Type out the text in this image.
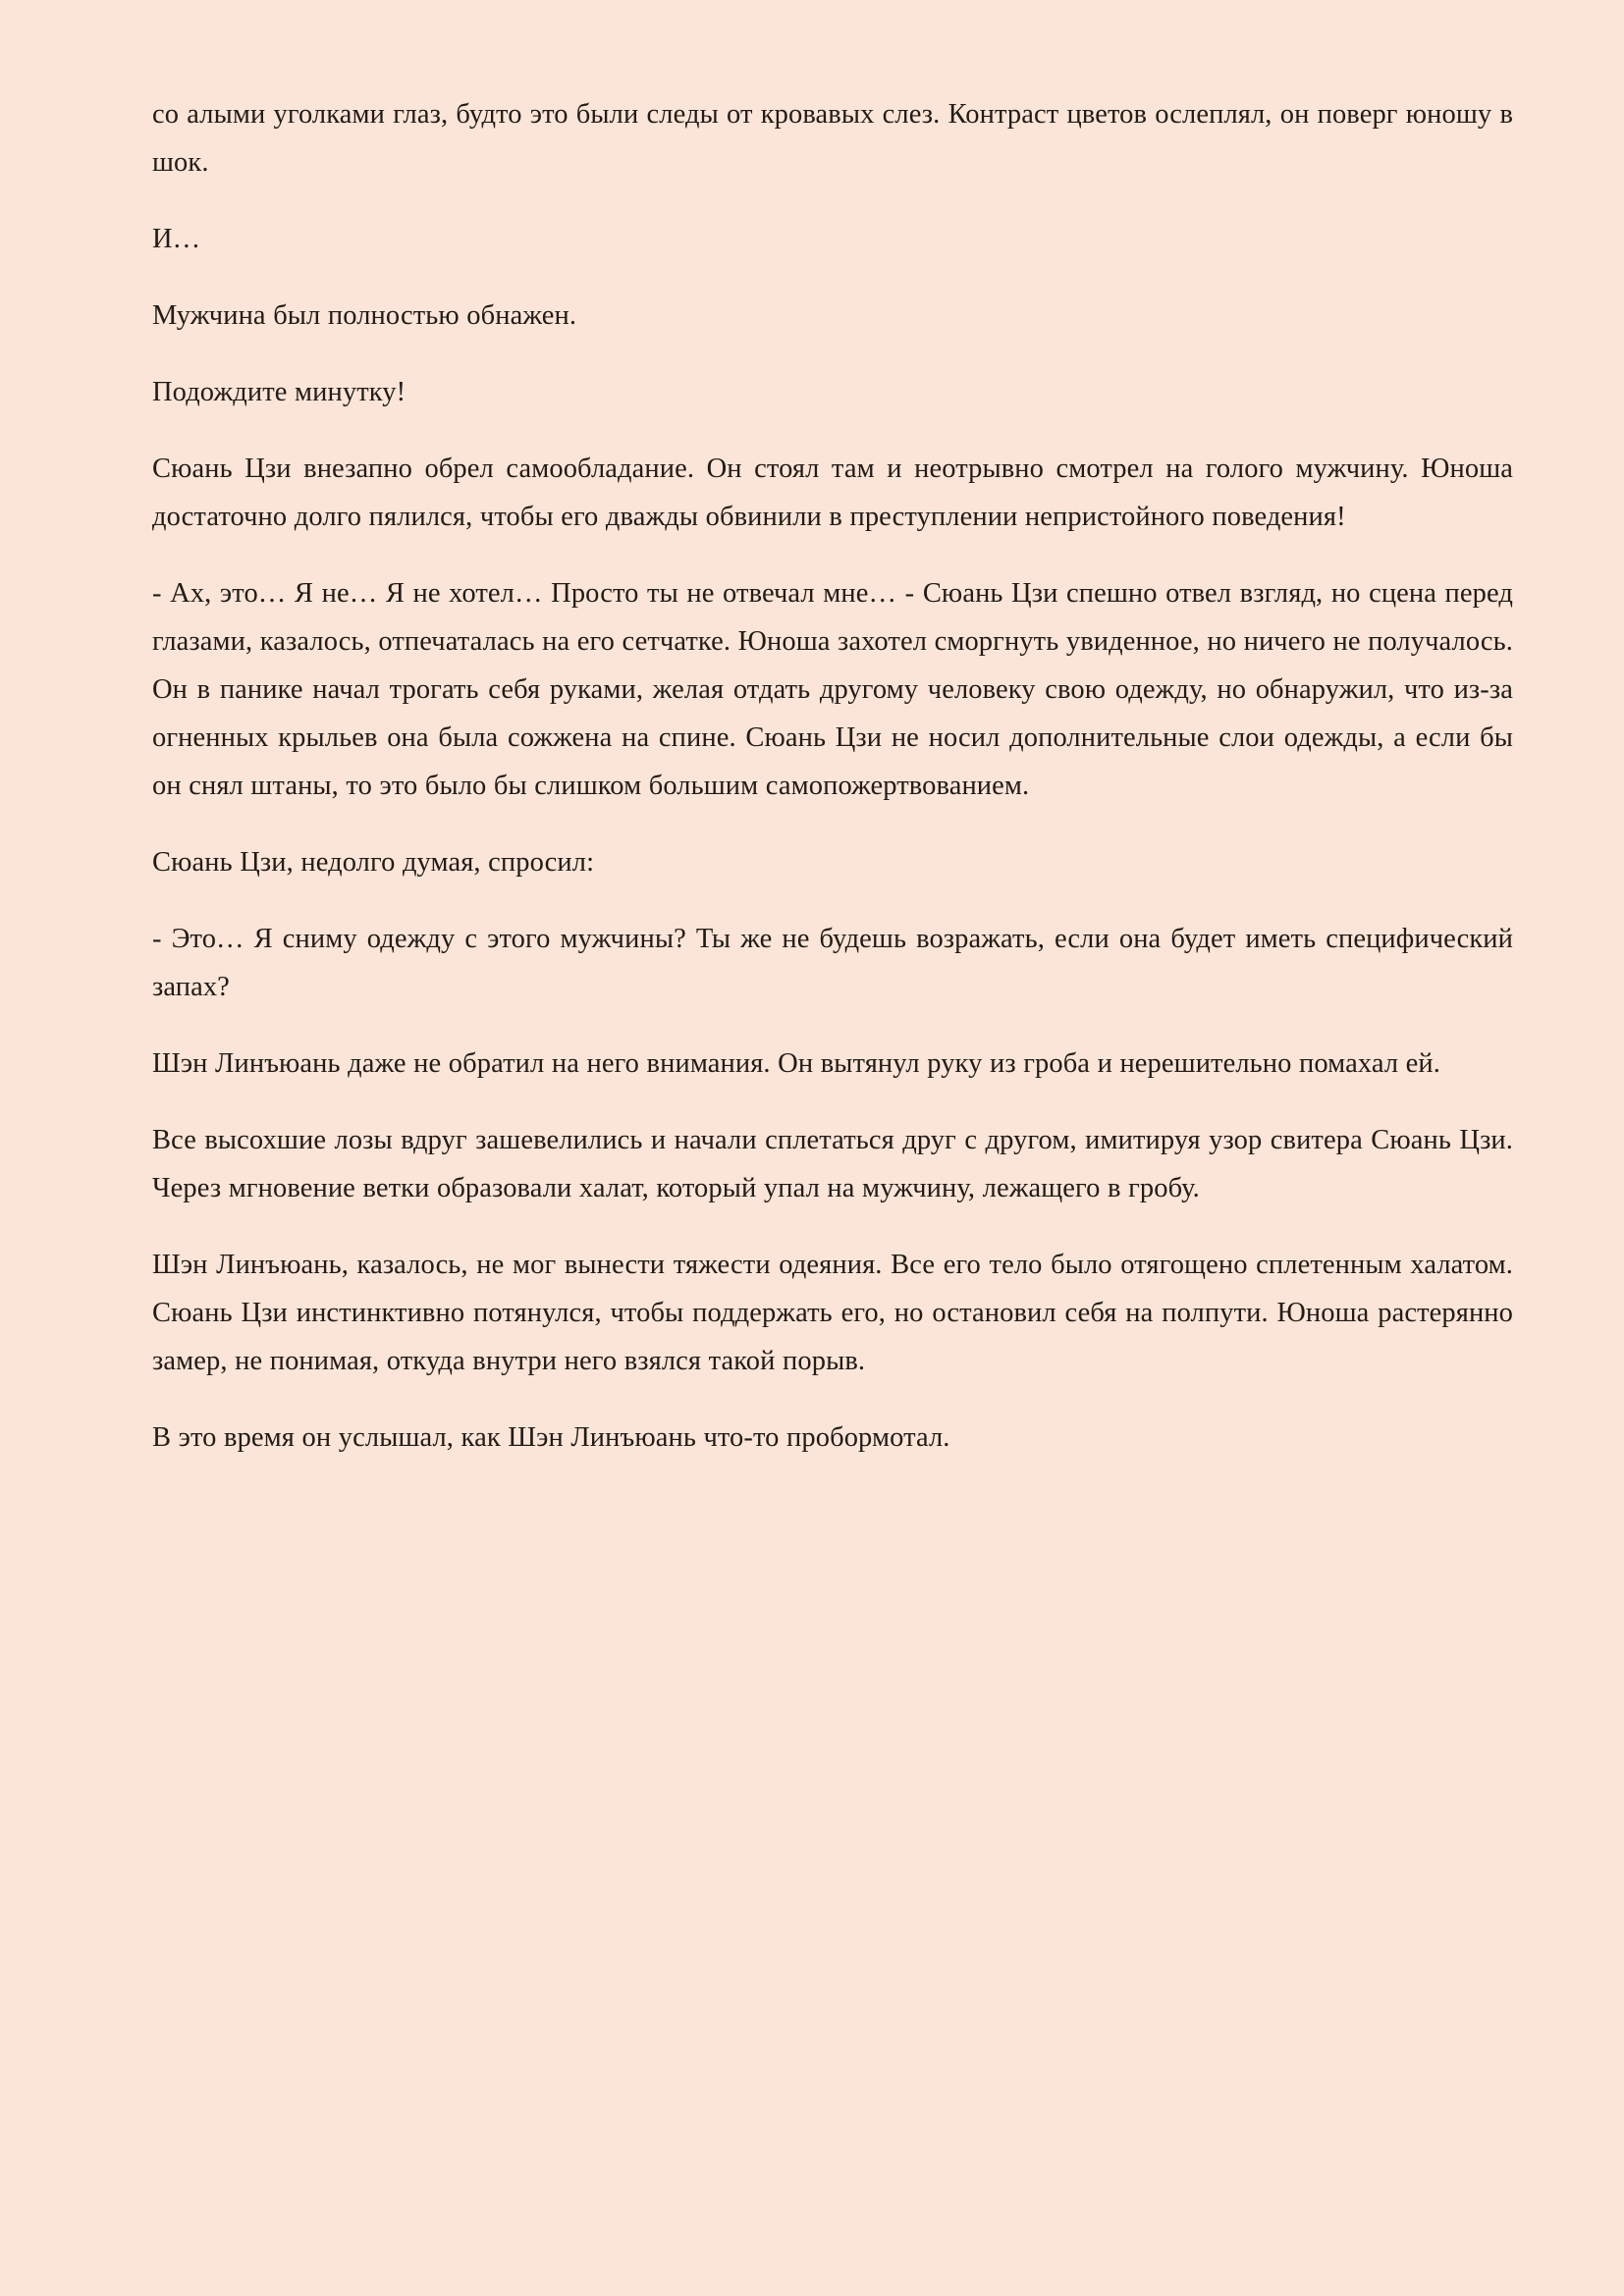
со алыми уголками глаз, будто это были следы от кровавых слез. Контраст цветов ослеплял, он поверг юношу в шок.

И…

Мужчина был полностью обнажен.

Подождите минутку!

Сюань Цзи внезапно обрел самообладание. Он стоял там и неотрывно смотрел на голого мужчину. Юноша достаточно долго пялился, чтобы его дважды обвинили в преступлении непристойного поведения!

- Ах, это… Я не… Я не хотел… Просто ты не отвечал мне… - Сюань Цзи спешно отвел взгляд, но сцена перед глазами, казалось, отпечаталась на его сетчатке. Юноша захотел сморгнуть увиденное, но ничего не получалось. Он в панике начал трогать себя руками, желая отдать другому человеку свою одежду, но обнаружил, что из-за огненных крыльев она была сожжена на спине. Сюань Цзи не носил дополнительные слои одежды, а если бы он снял штаны, то это было бы слишком большим самопожертвованием.

Сюань Цзи, недолго думая, спросил:

- Это… Я сниму одежду с этого мужчины? Ты же не будешь возражать, если она будет иметь специфический запах?

Шэн Линъюань даже не обратил на него внимания. Он вытянул руку из гроба и нерешительно помахал ей.

Все высохшие лозы вдруг зашевелились и начали сплетаться друг с другом, имитируя узор свитера Сюань Цзи. Через мгновение ветки образовали халат, который упал на мужчину, лежащего в гробу.

Шэн Линъюань, казалось, не мог вынести тяжести одеяния. Все его тело было отягощено сплетенным халатом. Сюань Цзи инстинктивно потянулся, чтобы поддержать его, но остановил себя на полпути. Юноша растерянно замер, не понимая, откуда внутри него взялся такой порыв.

В это время он услышал, как Шэн Линъюань что-то пробормотал.
